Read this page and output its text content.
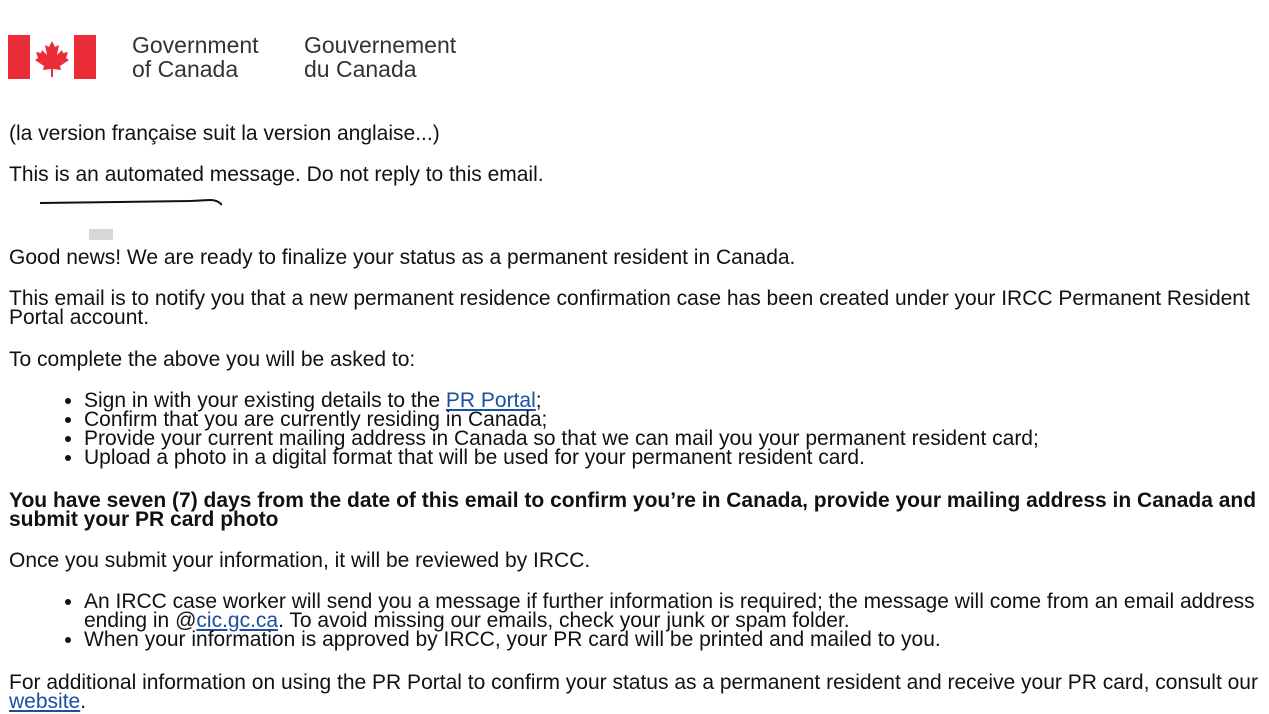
Government
of Canada
Gouvernement
du Canada
(la version française suit la version anglaise...)
This is an automated message. Do not reply to this email.
Good news! We are ready to finalize your status as a permanent resident in Canada.
This email is to notify you that a new permanent residence confirmation case has been created under your IRCC Permanent Resident
Portal account.
To complete the above you will be asked to:
• Sign in with your existing details to the PR Portal;
• Confirm that you are currently residing in Canada;
• Provide your current mailing address in Canada so that we can mail you your permanent resident card;
• Upload a photo in a digital format that will be used for your permanent resident card.
You have seven (7) days from the date of this email to confirm you’re in Canada, provide your mailing address in Canada and
submit your PR card photo
Once you submit your information, it will be reviewed by IRCC.
• An IRCC case worker will send you a message if further information is required; the message will come from an email address
ending in @cic.gc.ca. To avoid missing our emails, check your junk or spam folder.
• When your information is approved by IRCC, your PR card will be printed and mailed to you.
For additional information on using the PR Portal to confirm your status as a permanent resident and receive your PR card, consult our
website.
